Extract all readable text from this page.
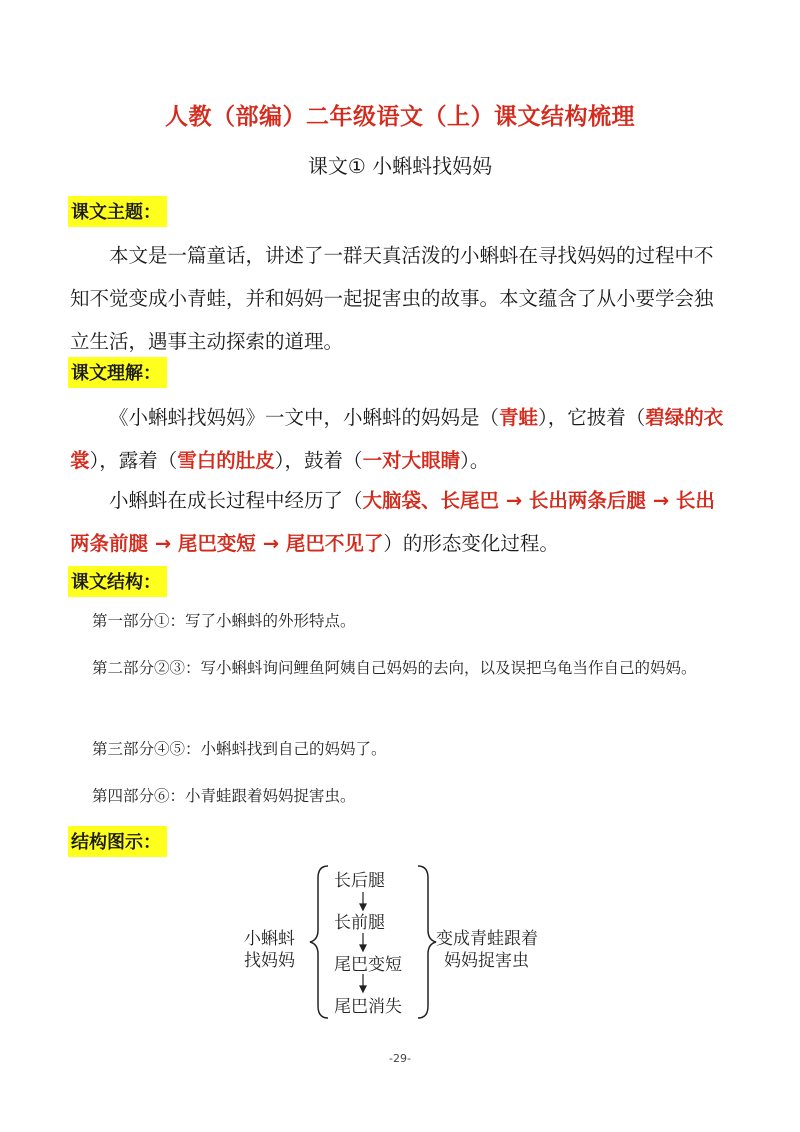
人教（部编）二年级语文（上）课文结构梳理
课文① 小蝌蚪找妈妈
课文主题：
本文是一篇童话，讲述了一群天真活泼的小蝌蚪在寻找妈妈的过程中不知不觉变成小青蛙，并和妈妈一起捉害虫的故事。本文蕴含了从小要学会独立生活，遇事主动探索的道理。
课文理解：
《小蝌蚪找妈妈》一文中，小蝌蚪的妈妈是（青蛙），它披着（碧绿的衣裳），露着（雪白的肚皮），鼓着（一对大眼睛）。
小蝌蚪在成长过程中经历了（大脑袋、长尾巴 → 长出两条后腿 → 长出两条前腿 → 尾巴变短 → 尾巴不见了）的形态变化过程。
课文结构：
第一部分①：写了小蝌蚪的外形特点。
第二部分②③：写小蝌蚪询问鲤鱼阿姨自己妈妈的去向，以及误把乌龟当作自己的妈妈。
第三部分④⑤：小蝌蚪找到自己的妈妈了。
第四部分⑥：小青蛙跟着妈妈捉害虫。
结构图示：
小蝌蚪
找妈妈
长后腿
长前腿
尾巴变短
尾巴消失
变成青蛙跟着
妈妈捉害虫
-29-
